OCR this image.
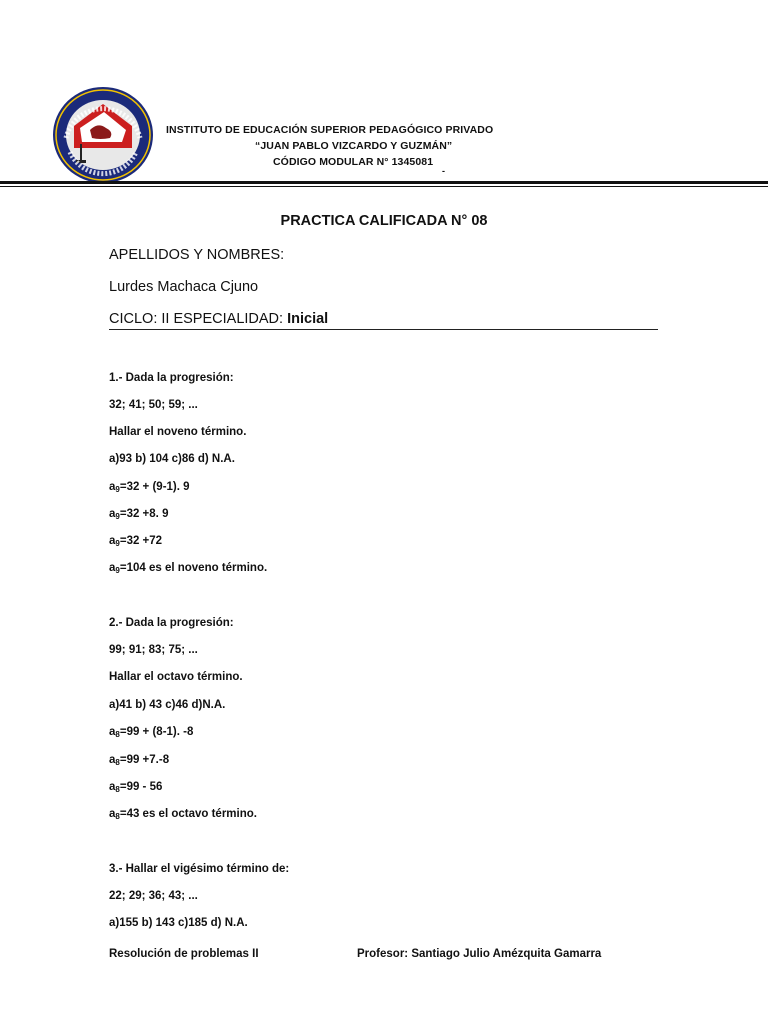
INSTITUTO DE EDUCACIÓN SUPERIOR PEDAGÓGICO PRIVADO
“JUAN PABLO VIZCARDO Y GUZMÁN”
CÓDIGO MODULAR N° 1345081
-
PRACTICA CALIFICADA N° 08
APELLIDOS Y NOMBRES:
Lurdes Machaca Cjuno
CICLO: II ESPECIALIDAD: Inicial
1.- Dada la progresión:
32; 41; 50; 59; ...
Hallar el noveno término.
a)93 b) 104 c)86 d) N.A.
$a_9=32 + (9-1)$. 9
$a_9=32 +8$. 9
$a_9=32 +72$
$a_9=104$ es el noveno término.
2.- Dada la progresión:
99; 91; 83; 75; ...
Hallar el octavo término.
a)41 b) 43 c)46 d)N.A.
$a_8=99 + (8-1)$. -8
$a_8=99 +7.-8$
$a_8=99 - 56$
$a_8=43$ es el octavo término.
3.- Hallar el vigésimo término de:
22; 29; 36; 43; ...
a)155 b) 143 c)185 d) N.A.
Resolución de problemas II	Profesor: Santiago Julio Amézquita Gamarra
